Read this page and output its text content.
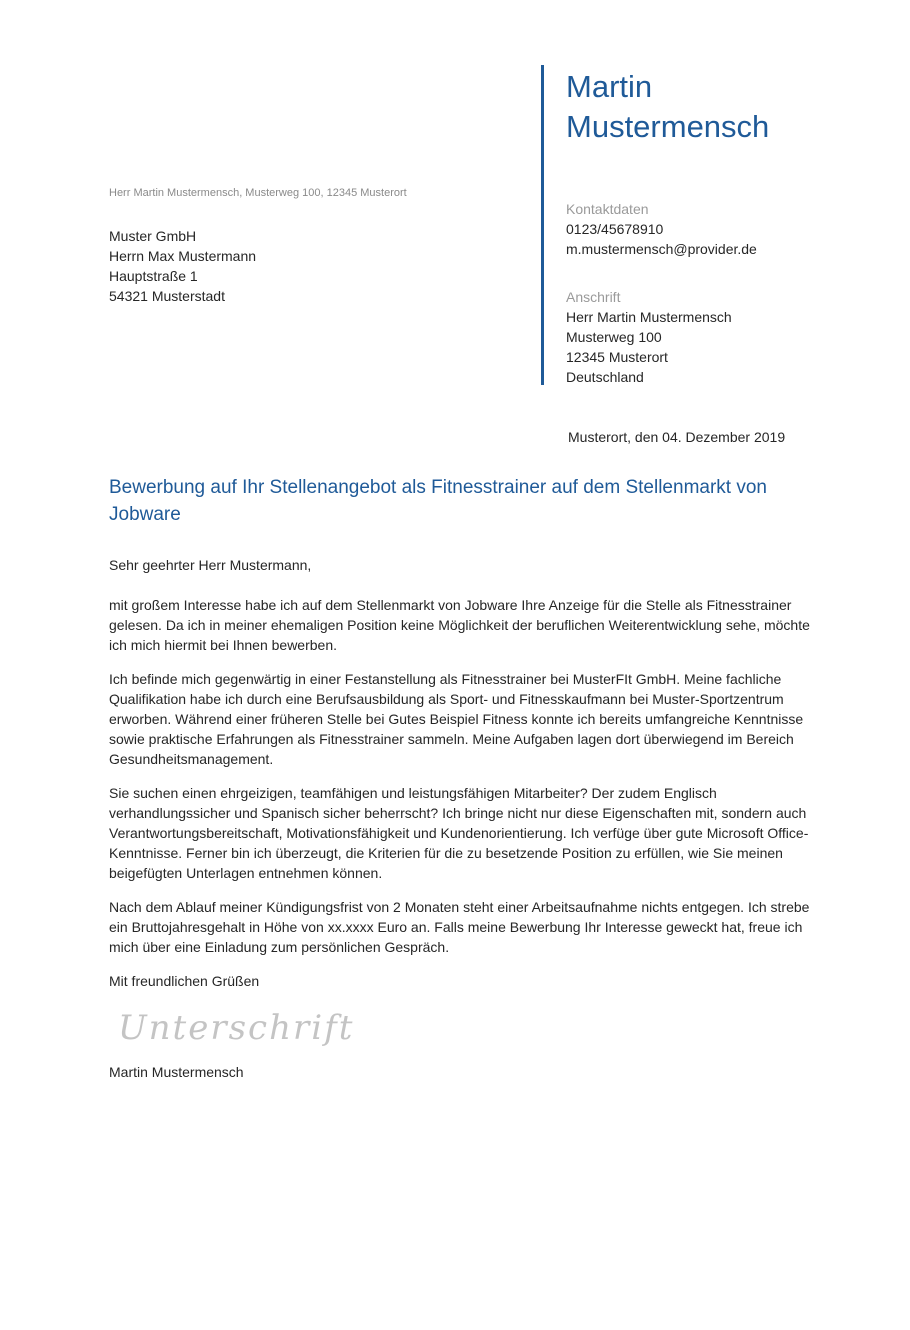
Martin
Mustermensch
Kontaktdaten
0123/45678910
m.mustermensch@provider.de
Anschrift
Herr Martin Mustermensch
Musterweg 100
12345 Musterort
Deutschland
Herr Martin Mustermensch, Musterweg 100, 12345 Musterort
Muster GmbH
Herrn Max Mustermann
Hauptstraße 1
54321 Musterstadt
Musterort, den 04. Dezember 2019
Bewerbung auf Ihr Stellenangebot als Fitnesstrainer auf dem Stellenmarkt von Jobware

Sehr geehrter Herr Mustermann,

mit großem Interesse habe ich auf dem Stellenmarkt von Jobware Ihre Anzeige für die Stelle als Fitnesstrainer gelesen. Da ich in meiner ehemaligen Position keine Möglichkeit der beruflichen Weiterentwicklung sehe, möchte ich mich hiermit bei Ihnen bewerben.

Ich befinde mich gegenwärtig in einer Festanstellung als Fitnesstrainer bei MusterFIt GmbH. Meine fachliche Qualifikation habe ich durch eine Berufsausbildung als Sport- und Fitnesskaufmann bei Muster-Sportzentrum erworben. Während einer früheren Stelle bei Gutes Beispiel Fitness konnte ich bereits umfangreiche Kenntnisse sowie praktische Erfahrungen als Fitnesstrainer sammeln. Meine Aufgaben lagen dort überwiegend im Bereich Gesundheitsmanagement.

Sie suchen einen ehrgeizigen, teamfähigen und leistungsfähigen Mitarbeiter? Der zudem Englisch verhandlungssicher und Spanisch sicher beherrscht? Ich bringe nicht nur diese Eigenschaften mit, sondern auch Verantwortungsbereitschaft, Motivationsfähigkeit und Kundenorientierung. Ich verfüge über gute Microsoft Office-Kenntnisse. Ferner bin ich überzeugt, die Kriterien für die zu besetzende Position zu erfüllen, wie Sie meinen beigefügten Unterlagen entnehmen können.

Nach dem Ablauf meiner Kündigungsfrist von 2 Monaten steht einer Arbeitsaufnahme nichts entgegen. Ich strebe ein Bruttojahresgehalt in Höhe von xx.xxxx Euro an. Falls meine Bewerbung Ihr Interesse geweckt hat, freue ich mich über eine Einladung zum persönlichen Gespräch.

Mit freundlichen Grüßen

Unterschrift
Martin Mustermensch
